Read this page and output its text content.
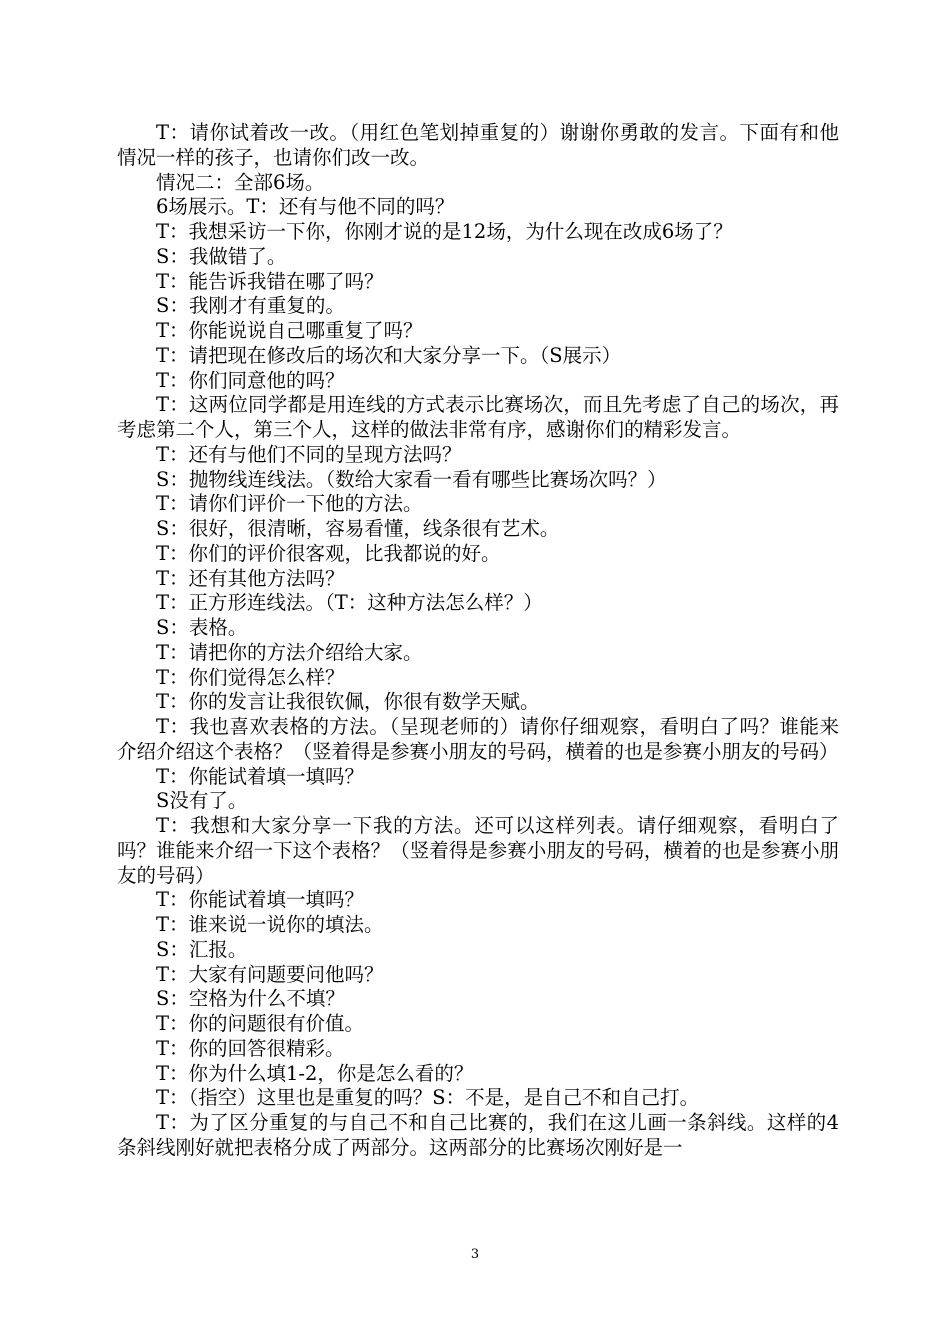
T：请你试着改一改。（用红色笔划掉重复的）谢谢你勇敢的发言。下面有和他情况一样的孩子，也请你们改一改。

情况二：全部6场。

6场展示。T：还有与他不同的吗？

T：我想采访一下你，你刚才说的是12场，为什么现在改成6场了？

S：我做错了。

T：能告诉我错在哪了吗？

S：我刚才有重复的。

T：你能说说自己哪重复了吗？

T：请把现在修改后的场次和大家分享一下。（S展示）

T：你们同意他的吗？

T：这两位同学都是用连线的方式表示比赛场次，而且先考虑了自己的场次，再考虑第二个人，第三个人，这样的做法非常有序，感谢你们的精彩发言。

T：还有与他们不同的呈现方法吗？

S：抛物线连线法。（数给大家看一看有哪些比赛场次吗？）

T：请你们评价一下他的方法。

S：很好，很清晰，容易看懂，线条很有艺术。

T：你们的评价很客观，比我都说的好。

T：还有其他方法吗？

T：正方形连线法。（T：这种方法怎么样？）

S：表格。

T：请把你的方法介绍给大家。

T：你们觉得怎么样？

T：你的发言让我很钦佩，你很有数学天赋。

T：我也喜欢表格的方法。（呈现老师的）请你仔细观察，看明白了吗？谁能来介绍介绍这个表格？（竖着得是参赛小朋友的号码，横着的也是参赛小朋友的号码）

T：你能试着填一填吗？

S没有了。

T：我想和大家分享一下我的方法。还可以这样列表。请仔细观察，看明白了吗？谁能来介绍一下这个表格？（竖着得是参赛小朋友的号码，横着的也是参赛小朋友的号码）

T：你能试着填一填吗？

T：谁来说一说你的填法。

S：汇报。

T：大家有问题要问他吗？

S：空格为什么不填？

T：你的问题很有价值。

T：你的回答很精彩。

T：你为什么填1-2，你是怎么看的？

T：（指空）这里也是重复的吗？S：不是，是自己不和自己打。

T：为了区分重复的与自己不和自己比赛的，我们在这儿画一条斜线。这样的4条斜线刚好就把表格分成了两部分。这两部分的比赛场次刚好是一

3
